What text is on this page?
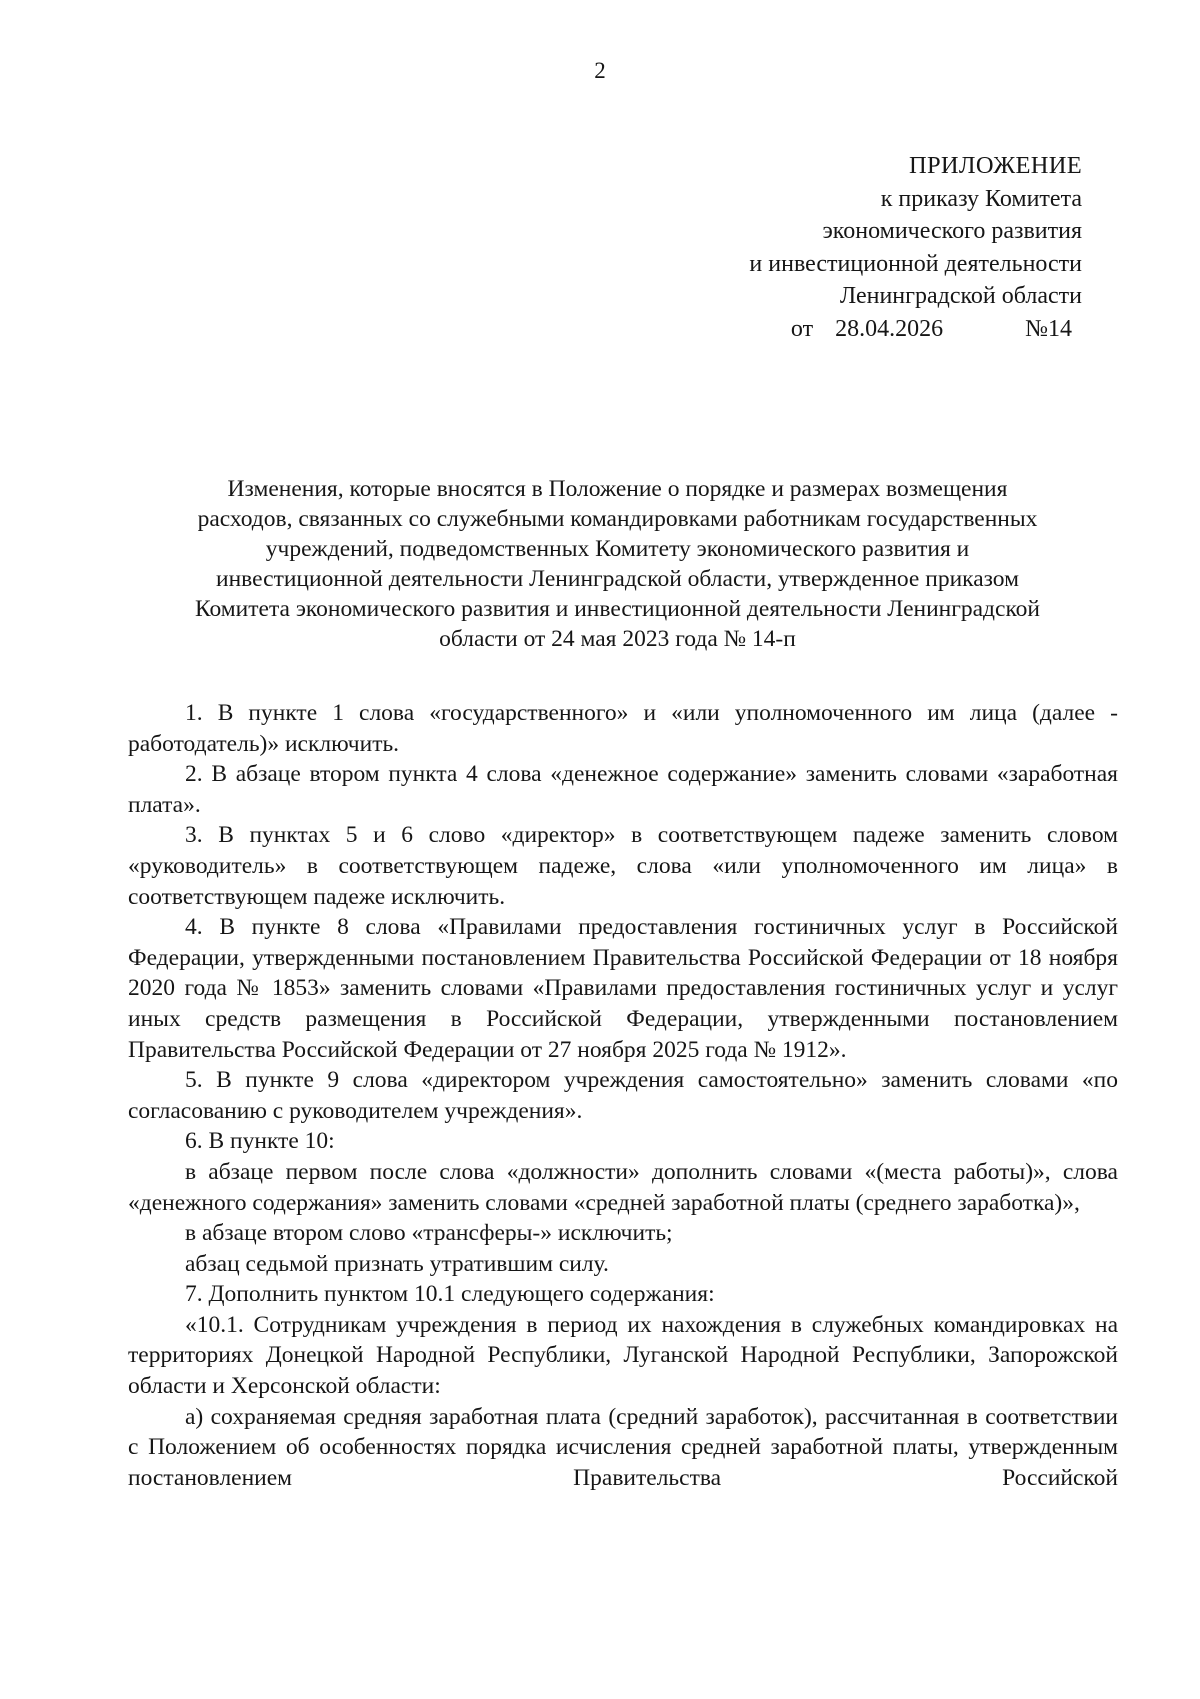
2
ПРИЛОЖЕНИЕ
к приказу Комитета
экономического развития
и инвестиционной деятельности
Ленинградской области
от 28.04.2026	№14
Изменения, которые вносятся в Положение о порядке и размерах возмещения
расходов, связанных со служебными командировками работникам государственных
учреждений, подведомственных Комитету экономического развития и
инвестиционной деятельности Ленинградской области, утвержденное приказом
Комитета экономического развития и инвестиционной деятельности Ленинградской
области от 24 мая 2023 года № 14-п

1. В пункте 1 слова «государственного» и «или уполномоченного им лица (далее - работодатель)» исключить.

2. В абзаце втором пункта 4 слова «денежное содержание» заменить словами «заработная плата».

3. В пунктах 5 и 6 слово «директор» в соответствующем падеже заменить словом «руководитель» в соответствующем падеже, слова «или уполномоченного им лица» в соответствующем падеже исключить.

4. В пункте 8 слова «Правилами предоставления гостиничных услуг в Российской Федерации, утвержденными постановлением Правительства Российской Федерации от 18 ноября 2020 года № 1853» заменить словами «Правилами предоставления гостиничных услуг и услуг иных средств размещения в Российской Федерации, утвержденными постановлением Правительства Российской Федерации от 27 ноября 2025 года № 1912».

5. В пункте 9 слова «директором учреждения самостоятельно» заменить словами «по согласованию с руководителем учреждения».

6. В пункте 10:

в абзаце первом после слова «должности» дополнить словами «(места работы)», слова «денежного содержания» заменить словами «средней заработной платы (среднего заработка)»,

в абзаце втором слово «трансферы-» исключить;

абзац седьмой признать утратившим силу.

7. Дополнить пунктом 10.1 следующего содержания:

«10.1. Сотрудникам учреждения в период их нахождения в служебных командировках на территориях Донецкой Народной Республики, Луганской Народной Республики, Запорожской области и Херсонской области:

а) сохраняемая средняя заработная плата (средний заработок), рассчитанная в соответствии с Положением об особенностях порядка исчисления средней заработной платы, утвержденным постановлением Правительства Российской
